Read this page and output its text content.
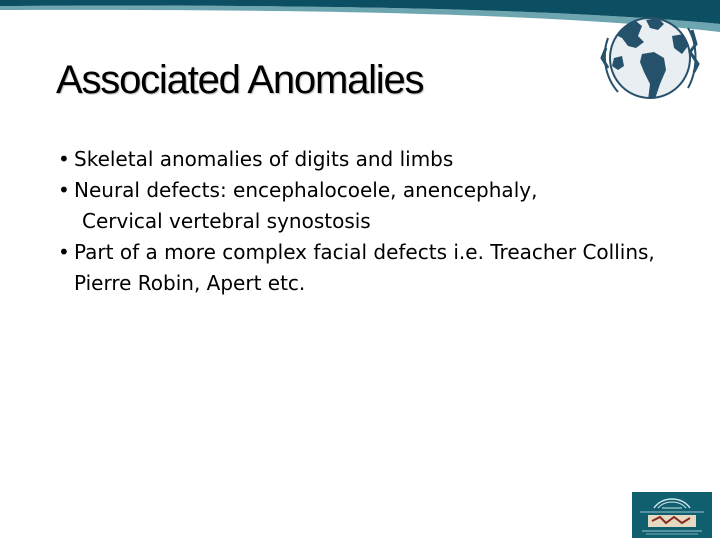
Associated Anomalies
• Skeletal anomalies of digits and limbs
• Neural defects: encephalocoele, anencephaly,
Cervical vertebral synostosis
• Part of a more complex facial defects i.e. Treacher Collins, Pierre Robin, Apert etc.
